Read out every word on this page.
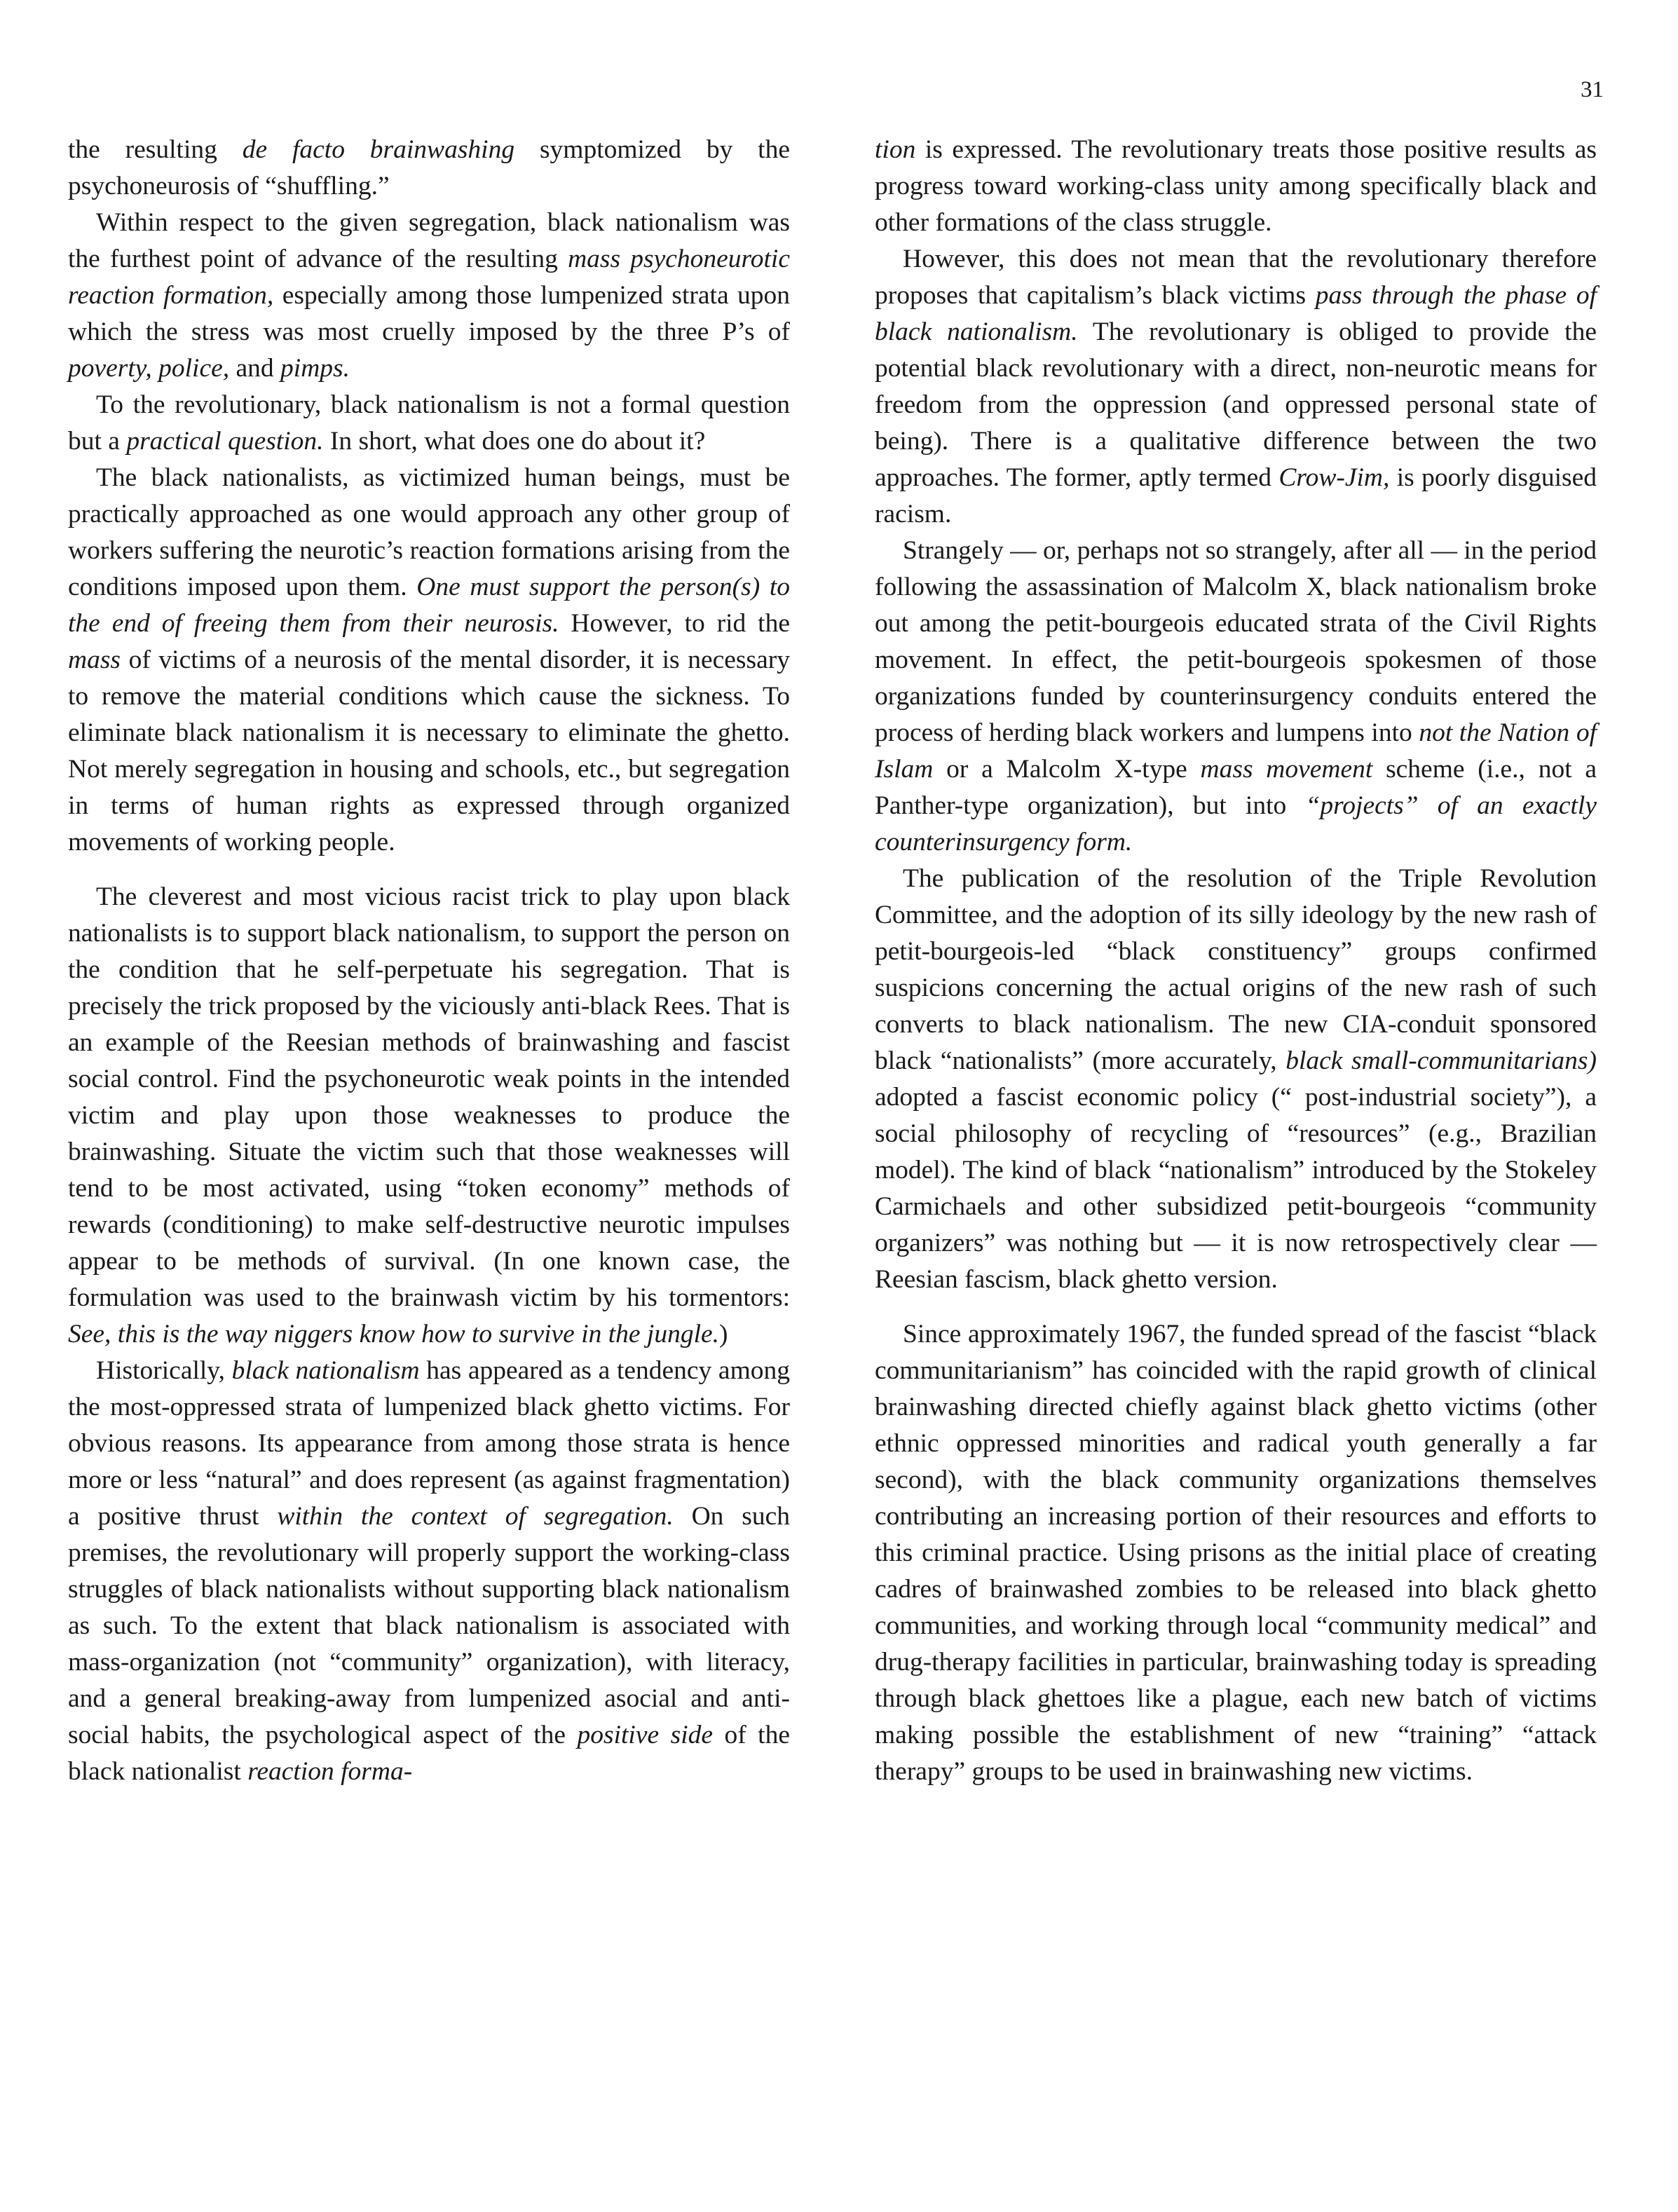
31

the resulting de facto brainwashing symptomized by the psychoneurosis of “shuffling.”

Within respect to the given segregation, black nationalism was the furthest point of advance of the resulting mass psychoneurotic reaction formation, especially among those lumpenized strata upon which the stress was most cruelly imposed by the three P’s of poverty, police, and pimps.

To the revolutionary, black nationalism is not a formal question but a practical question. In short, what does one do about it?

The black nationalists, as victimized human beings, must be practically approached as one would approach any other group of workers suffering the neurotic’s reaction formations arising from the conditions imposed upon them. One must support the person(s) to the end of freeing them from their neurosis. However, to rid the mass of victims of a neurosis of the mental disorder, it is necessary to remove the material conditions which cause the sickness. To eliminate black nationalism it is necessary to eliminate the ghetto. Not merely segregation in housing and schools, etc., but segregation in terms of human rights as expressed through organized movements of working people.

The cleverest and most vicious racist trick to play upon black nationalists is to support black nationalism, to support the person on the condition that he self-perpetuate his segregation. That is precisely the trick proposed by the viciously anti-black Rees. That is an example of the Reesian methods of brainwashing and fascist social control. Find the psychoneurotic weak points in the intended victim and play upon those weaknesses to produce the brainwashing. Situate the victim such that those weaknesses will tend to be most activated, using “token economy” methods of rewards (conditioning) to make self-destructive neurotic impulses appear to be methods of survival. (In one known case, the formulation was used to the brainwash victim by his tormentors: See, this is the way niggers know how to survive in the jungle.)

Historically, black nationalism has appeared as a tendency among the most-oppressed strata of lumpenized black ghetto victims. For obvious reasons. Its appearance from among those strata is hence more or less “natural” and does represent (as against fragmentation) a positive thrust within the context of segregation. On such premises, the revolutionary will properly support the working-class struggles of black nationalists without supporting black nationalism as such. To the extent that black nationalism is associated with mass-organization (not “community” organization), with literacy, and a general breaking-away from lumpenized asocial and anti-social habits, the psychological aspect of the positive side of the black nationalist reaction forma-

tion is expressed. The revolutionary treats those positive results as progress toward working-class unity among specifically black and other formations of the class struggle.

However, this does not mean that the revolutionary therefore proposes that capitalism’s black victims pass through the phase of black nationalism. The revolutionary is obliged to provide the potential black revolutionary with a direct, non-neurotic means for freedom from the oppression (and oppressed personal state of being). There is a qualitative difference between the two approaches. The former, aptly termed Crow-Jim, is poorly disguised racism.

Strangely — or, perhaps not so strangely, after all — in the period following the assassination of Malcolm X, black nationalism broke out among the petit-bourgeois educated strata of the Civil Rights movement. In effect, the petit-bourgeois spokesmen of those organizations funded by counterinsurgency conduits entered the process of herding black workers and lumpens into not the Nation of Islam or a Malcolm X-type mass movement scheme (i.e., not a Panther-type organization), but into “projects” of an exactly counterinsurgency form.

The publication of the resolution of the Triple Revolution Committee, and the adoption of its silly ideology by the new rash of petit-bourgeois-led “black constituency” groups confirmed suspicions concerning the actual origins of the new rash of such converts to black nationalism. The new CIA-conduit sponsored black “nationalists” (more accurately, black small-communitarians) adopted a fascist economic policy (“ post-industrial society”), a social philosophy of recycling of “resources” (e.g., Brazilian model). The kind of black “nationalism” introduced by the Stokeley Carmichaels and other subsidized petit-bourgeois “community organizers” was nothing but — it is now retrospectively clear — Reesian fascism, black ghetto version.

Since approximately 1967, the funded spread of the fascist “black communitarianism” has coincided with the rapid growth of clinical brainwashing directed chiefly against black ghetto victims (other ethnic oppressed minorities and radical youth generally a far second), with the black community organizations themselves contributing an increasing portion of their resources and efforts to this criminal practice. Using prisons as the initial place of creating cadres of brainwashed zombies to be released into black ghetto communities, and working through local “community medical” and drug-therapy facilities in particular, brainwashing today is spreading through black ghettoes like a plague, each new batch of victims making possible the establishment of new “training” “attack therapy” groups to be used in brainwashing new victims.
